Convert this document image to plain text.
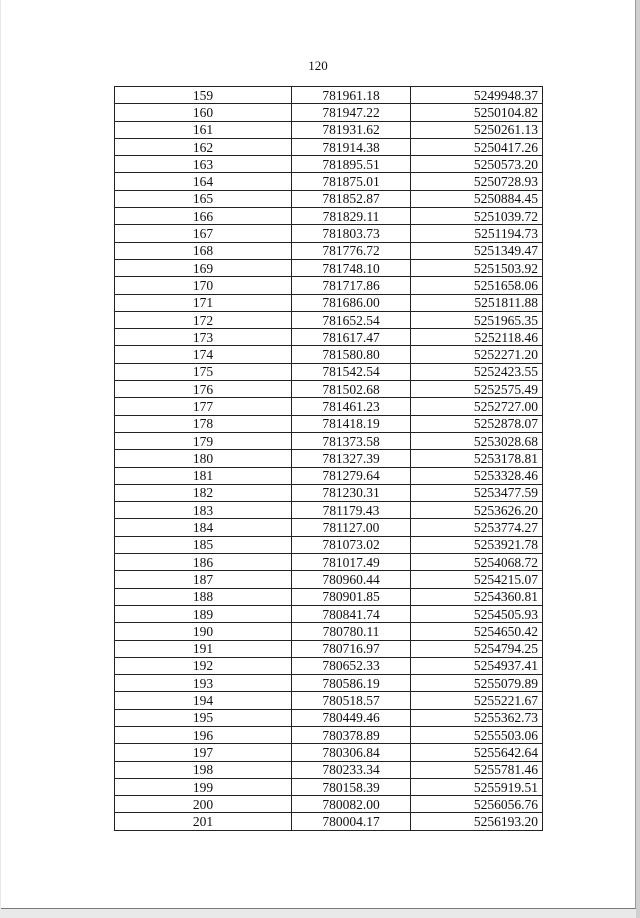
120
159	781961.18	5249948.37
160	781947.22	5250104.82
161	781931.62	5250261.13
162	781914.38	5250417.26
163	781895.51	5250573.20
164	781875.01	5250728.93
165	781852.87	5250884.45
166	781829.11	5251039.72
167	781803.73	5251194.73
168	781776.72	5251349.47
169	781748.10	5251503.92
170	781717.86	5251658.06
171	781686.00	5251811.88
172	781652.54	5251965.35
173	781617.47	5252118.46
174	781580.80	5252271.20
175	781542.54	5252423.55
176	781502.68	5252575.49
177	781461.23	5252727.00
178	781418.19	5252878.07
179	781373.58	5253028.68
180	781327.39	5253178.81
181	781279.64	5253328.46
182	781230.31	5253477.59
183	781179.43	5253626.20
184	781127.00	5253774.27
185	781073.02	5253921.78
186	781017.49	5254068.72
187	780960.44	5254215.07
188	780901.85	5254360.81
189	780841.74	5254505.93
190	780780.11	5254650.42
191	780716.97	5254794.25
192	780652.33	5254937.41
193	780586.19	5255079.89
194	780518.57	5255221.67
195	780449.46	5255362.73
196	780378.89	5255503.06
197	780306.84	5255642.64
198	780233.34	5255781.46
199	780158.39	5255919.51
200	780082.00	5256056.76
201	780004.17	5256193.20
